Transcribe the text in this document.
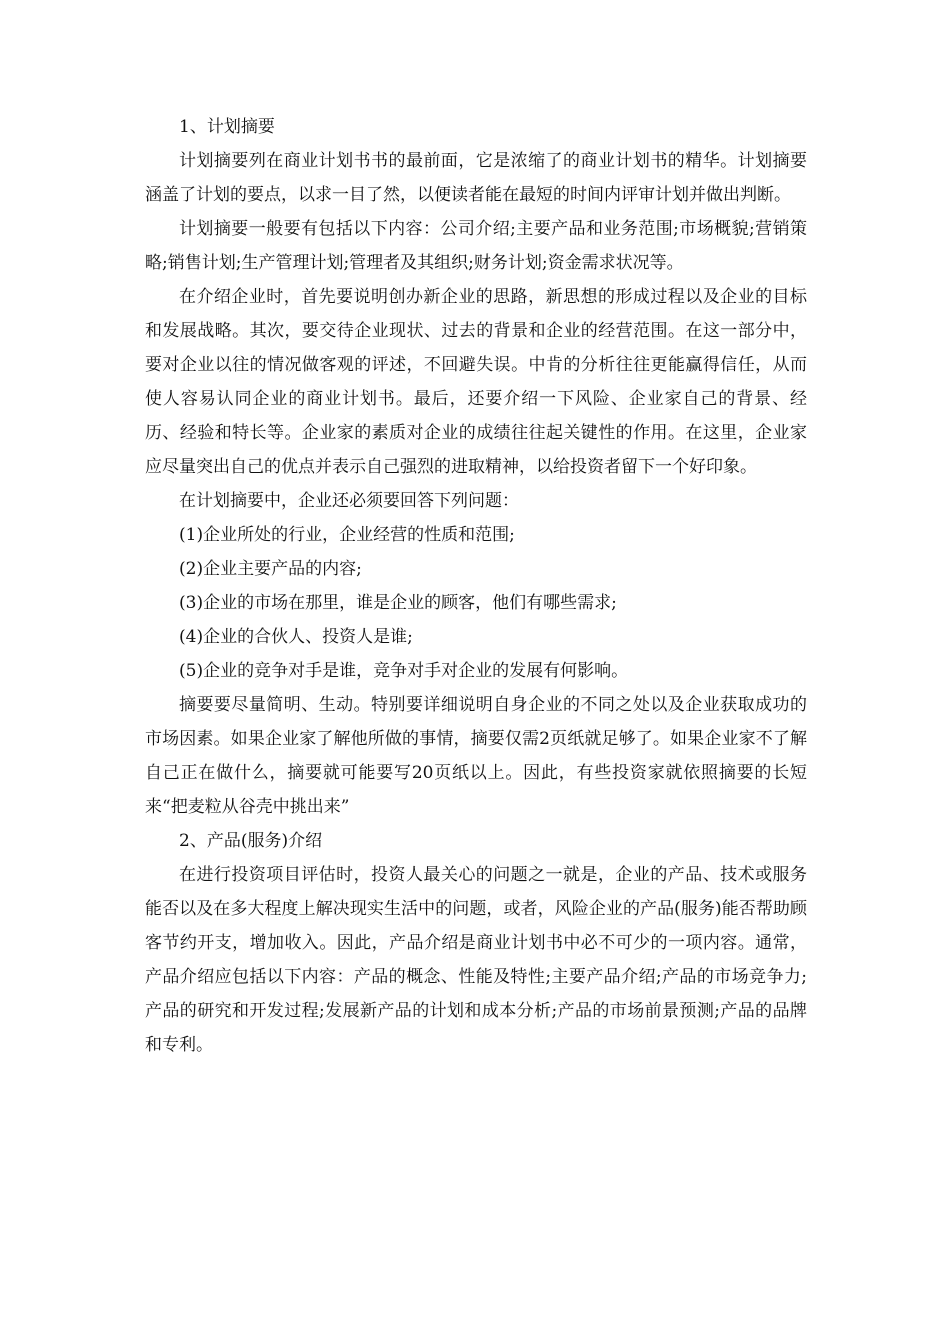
1、计划摘要

计划摘要列在商业计划书书的最前面，它是浓缩了的商业计划书的精华。计划摘要涵盖了计划的要点，以求一目了然，以便读者能在最短的时间内评审计划并做出判断。

计划摘要一般要有包括以下内容：公司介绍;主要产品和业务范围;市场概貌;营销策略;销售计划;生产管理计划;管理者及其组织;财务计划;资金需求状况等。

在介绍企业时，首先要说明创办新企业的思路，新思想的形成过程以及企业的目标和发展战略。其次，要交待企业现状、过去的背景和企业的经营范围。在这一部分中，要对企业以往的情况做客观的评述，不回避失误。中肯的分析往往更能赢得信任，从而使人容易认同企业的商业计划书。最后，还要介绍一下风险、企业家自己的背景、经历、经验和特长等。企业家的素质对企业的成绩往往起关键性的作用。在这里，企业家应尽量突出自己的优点并表示自己强烈的进取精神，以给投资者留下一个好印象。

在计划摘要中，企业还必须要回答下列问题：

(1)企业所处的行业，企业经营的性质和范围;

(2)企业主要产品的内容;

(3)企业的市场在那里，谁是企业的顾客，他们有哪些需求;

(4)企业的合伙人、投资人是谁;

(5)企业的竞争对手是谁，竞争对手对企业的发展有何影响。

摘要要尽量简明、生动。特别要详细说明自身企业的不同之处以及企业获取成功的市场因素。如果企业家了解他所做的事情，摘要仅需2页纸就足够了。如果企业家不了解自己正在做什么，摘要就可能要写20页纸以上。因此，有些投资家就依照摘要的长短来“把麦粒从谷壳中挑出来”

2、产品(服务)介绍

在进行投资项目评估时，投资人最关心的问题之一就是，企业的产品、技术或服务能否以及在多大程度上解决现实生活中的问题，或者，风险企业的产品(服务)能否帮助顾客节约开支，增加收入。因此，产品介绍是商业计划书中必不可少的一项内容。通常，产品介绍应包括以下内容：产品的概念、性能及特性;主要产品介绍;产品的市场竞争力;产品的研究和开发过程;发展新产品的计划和成本分析;产品的市场前景预测;产品的品牌和专利。
